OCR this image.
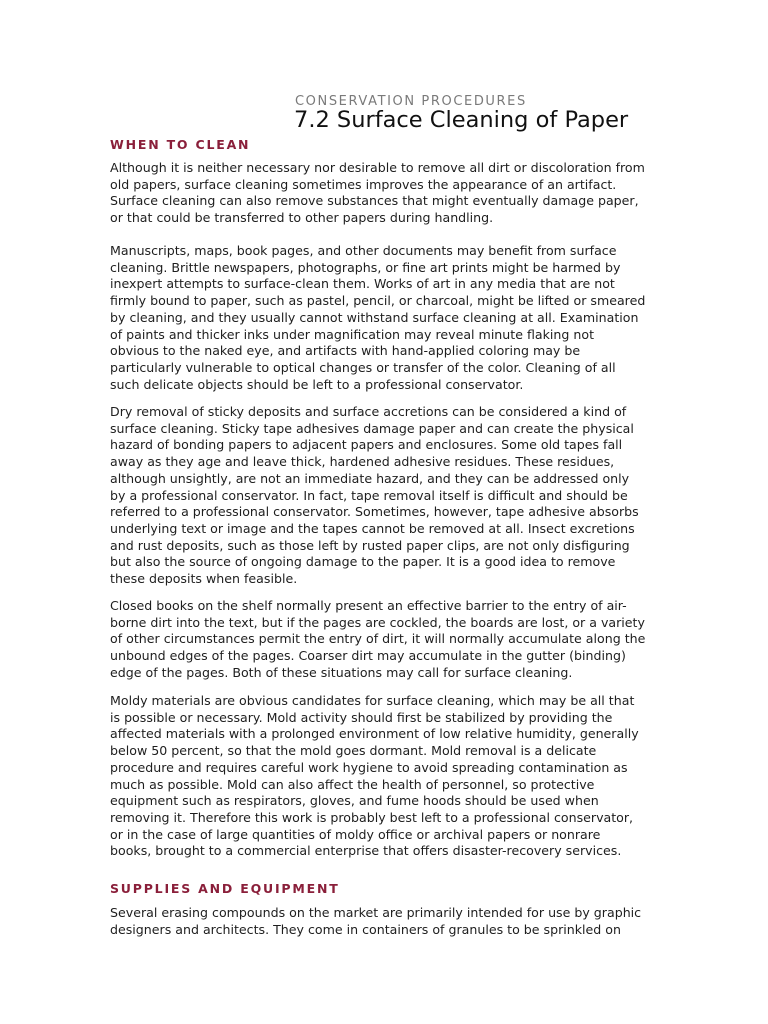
CONSERVATION PROCEDURES
7.2 Surface Cleaning of Paper
WHEN TO CLEAN

Although it is neither necessary nor desirable to remove all dirt or discoloration from
old papers, surface cleaning sometimes improves the appearance of an artifact.
Surface cleaning can also remove substances that might eventually damage paper,
or that could be transferred to other papers during handling.

Manuscripts, maps, book pages, and other documents may benefit from surface
cleaning. Brittle newspapers, photographs, or fine art prints might be harmed by
inexpert attempts to surface-clean them. Works of art in any media that are not
firmly bound to paper, such as pastel, pencil, or charcoal, might be lifted or smeared
by cleaning, and they usually cannot withstand surface cleaning at all. Examination
of paints and thicker inks under magnification may reveal minute flaking not
obvious to the naked eye, and artifacts with hand-applied coloring may be
particularly vulnerable to optical changes or transfer of the color. Cleaning of all
such delicate objects should be left to a professional conservator.

Dry removal of sticky deposits and surface accretions can be considered a kind of
surface cleaning. Sticky tape adhesives damage paper and can create the physical
hazard of bonding papers to adjacent papers and enclosures. Some old tapes fall
away as they age and leave thick, hardened adhesive residues. These residues,
although unsightly, are not an immediate hazard, and they can be addressed only
by a professional conservator. In fact, tape removal itself is difficult and should be
referred to a professional conservator. Sometimes, however, tape adhesive absorbs
underlying text or image and the tapes cannot be removed at all. Insect excretions
and rust deposits, such as those left by rusted paper clips, are not only disfiguring
but also the source of ongoing damage to the paper. It is a good idea to remove
these deposits when feasible.

Closed books on the shelf normally present an effective barrier to the entry of air-
borne dirt into the text, but if the pages are cockled, the boards are lost, or a variety
of other circumstances permit the entry of dirt, it will normally accumulate along the
unbound edges of the pages. Coarser dirt may accumulate in the gutter (binding)
edge of the pages. Both of these situations may call for surface cleaning.

Moldy materials are obvious candidates for surface cleaning, which may be all that
is possible or necessary. Mold activity should first be stabilized by providing the
affected materials with a prolonged environment of low relative humidity, generally
below 50 percent, so that the mold goes dormant. Mold removal is a delicate
procedure and requires careful work hygiene to avoid spreading contamination as
much as possible. Mold can also affect the health of personnel, so protective
equipment such as respirators, gloves, and fume hoods should be used when
removing it. Therefore this work is probably best left to a professional conservator,
or in the case of large quantities of moldy office or archival papers or nonrare
books, brought to a commercial enterprise that offers disaster-recovery services.

SUPPLIES AND EQUIPMENT

Several erasing compounds on the market are primarily intended for use by graphic
designers and architects. They come in containers of granules to be sprinkled on
